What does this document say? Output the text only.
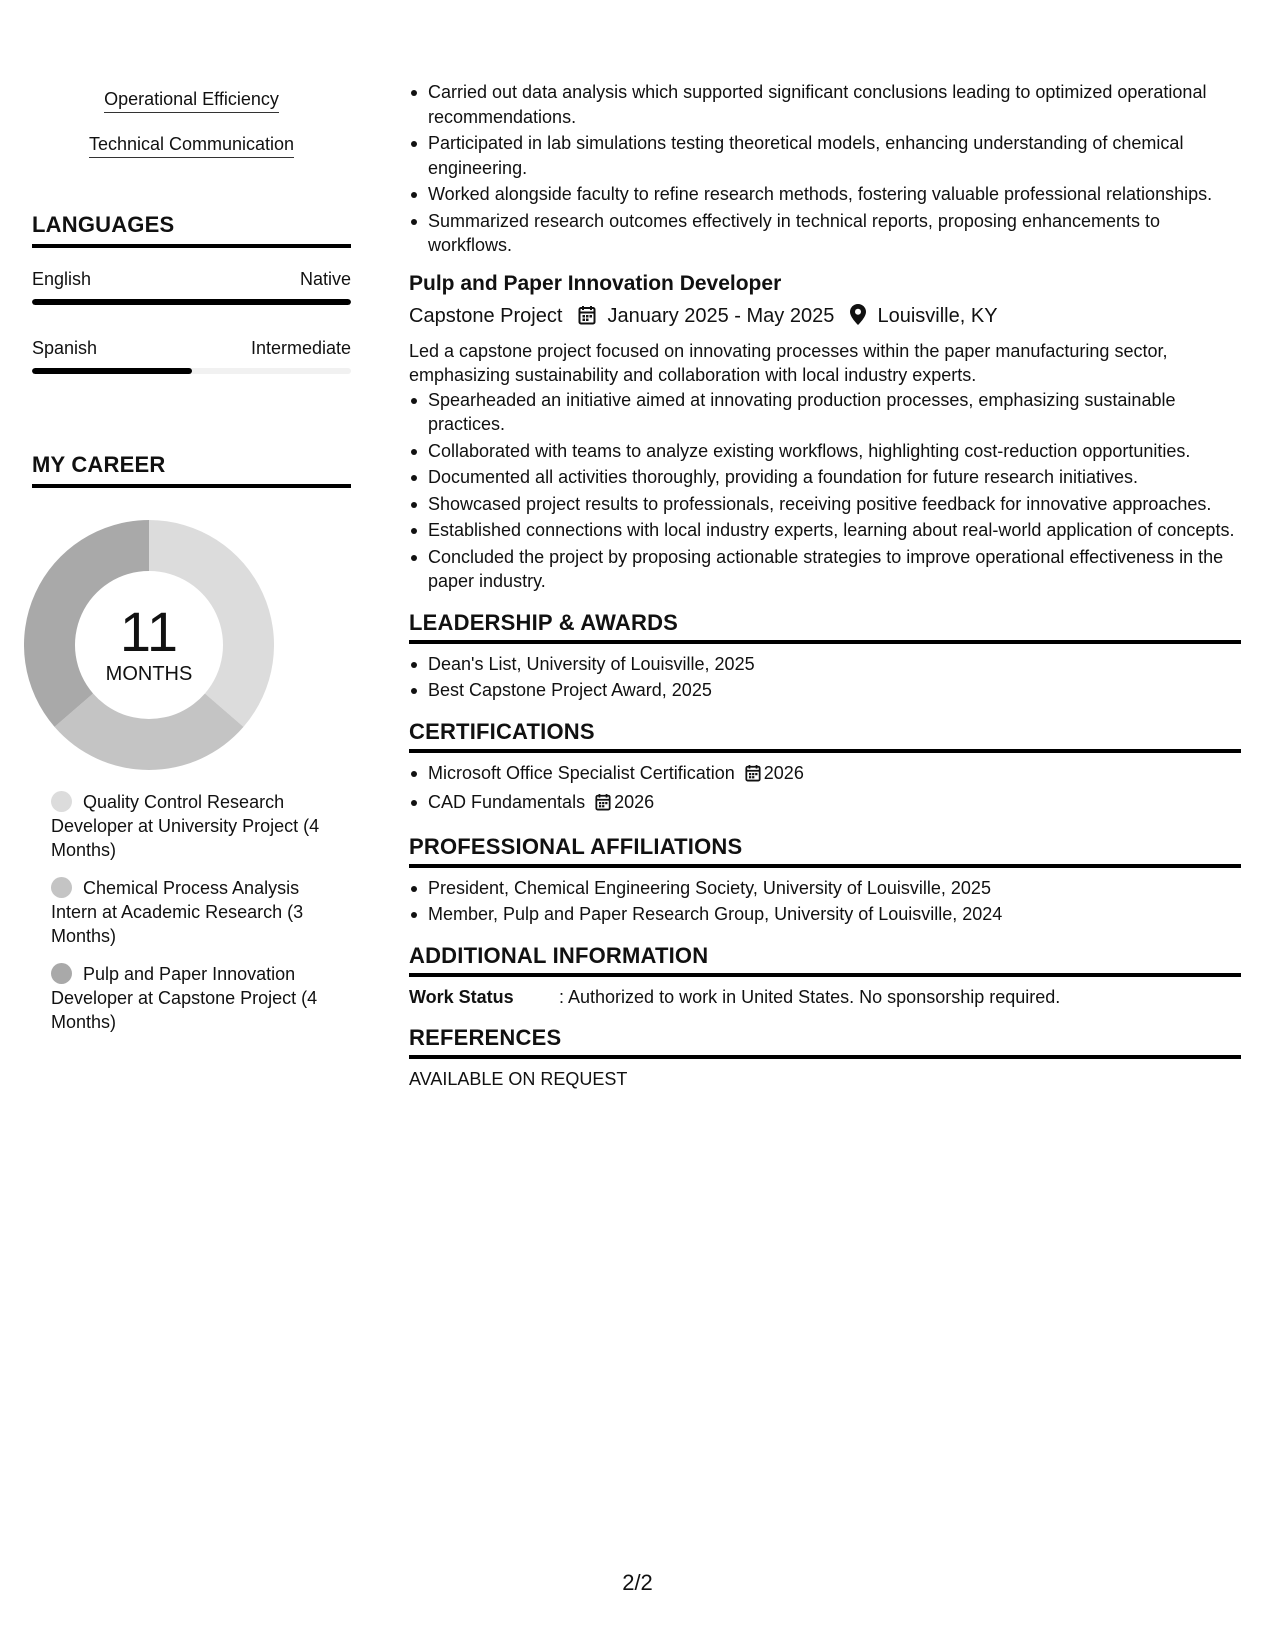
Operational Efficiency
Technical Communication
LANGUAGES
English	Native
Spanish	Intermediate
MY CAREER
11
MONTHS
Quality Control Research Developer at University Project (4 Months)
Chemical Process Analysis Intern at Academic Research (3 Months)
Pulp and Paper Innovation Developer at Capstone Project (4 Months)
Carried out data analysis which supported significant conclusions leading to optimized operational recommendations.
Participated in lab simulations testing theoretical models, enhancing understanding of chemical engineering.
Worked alongside faculty to refine research methods, fostering valuable professional relationships.
Summarized research outcomes effectively in technical reports, proposing enhancements to workflows.
Pulp and Paper Innovation Developer
Capstone Project January 2025 - May 2025 Louisville, KY
Led a capstone project focused on innovating processes within the paper manufacturing sector, emphasizing sustainability and collaboration with local industry experts.
Spearheaded an initiative aimed at innovating production processes, emphasizing sustainable practices.
Collaborated with teams to analyze existing workflows, highlighting cost-reduction opportunities.
Documented all activities thoroughly, providing a foundation for future research initiatives.
Showcased project results to professionals, receiving positive feedback for innovative approaches.
Established connections with local industry experts, learning about real-world application of concepts.
Concluded the project by proposing actionable strategies to improve operational effectiveness in the paper industry.
LEADERSHIP & AWARDS
Dean's List, University of Louisville, 2025
Best Capstone Project Award, 2025
CERTIFICATIONS
Microsoft Office Specialist Certification 2026
CAD Fundamentals 2026
PROFESSIONAL AFFILIATIONS
President, Chemical Engineering Society, University of Louisville, 2025
Member, Pulp and Paper Research Group, University of Louisville, 2024
ADDITIONAL INFORMATION
Work Status	: Authorized to work in United States. No sponsorship required.
REFERENCES
AVAILABLE ON REQUEST
2/2
